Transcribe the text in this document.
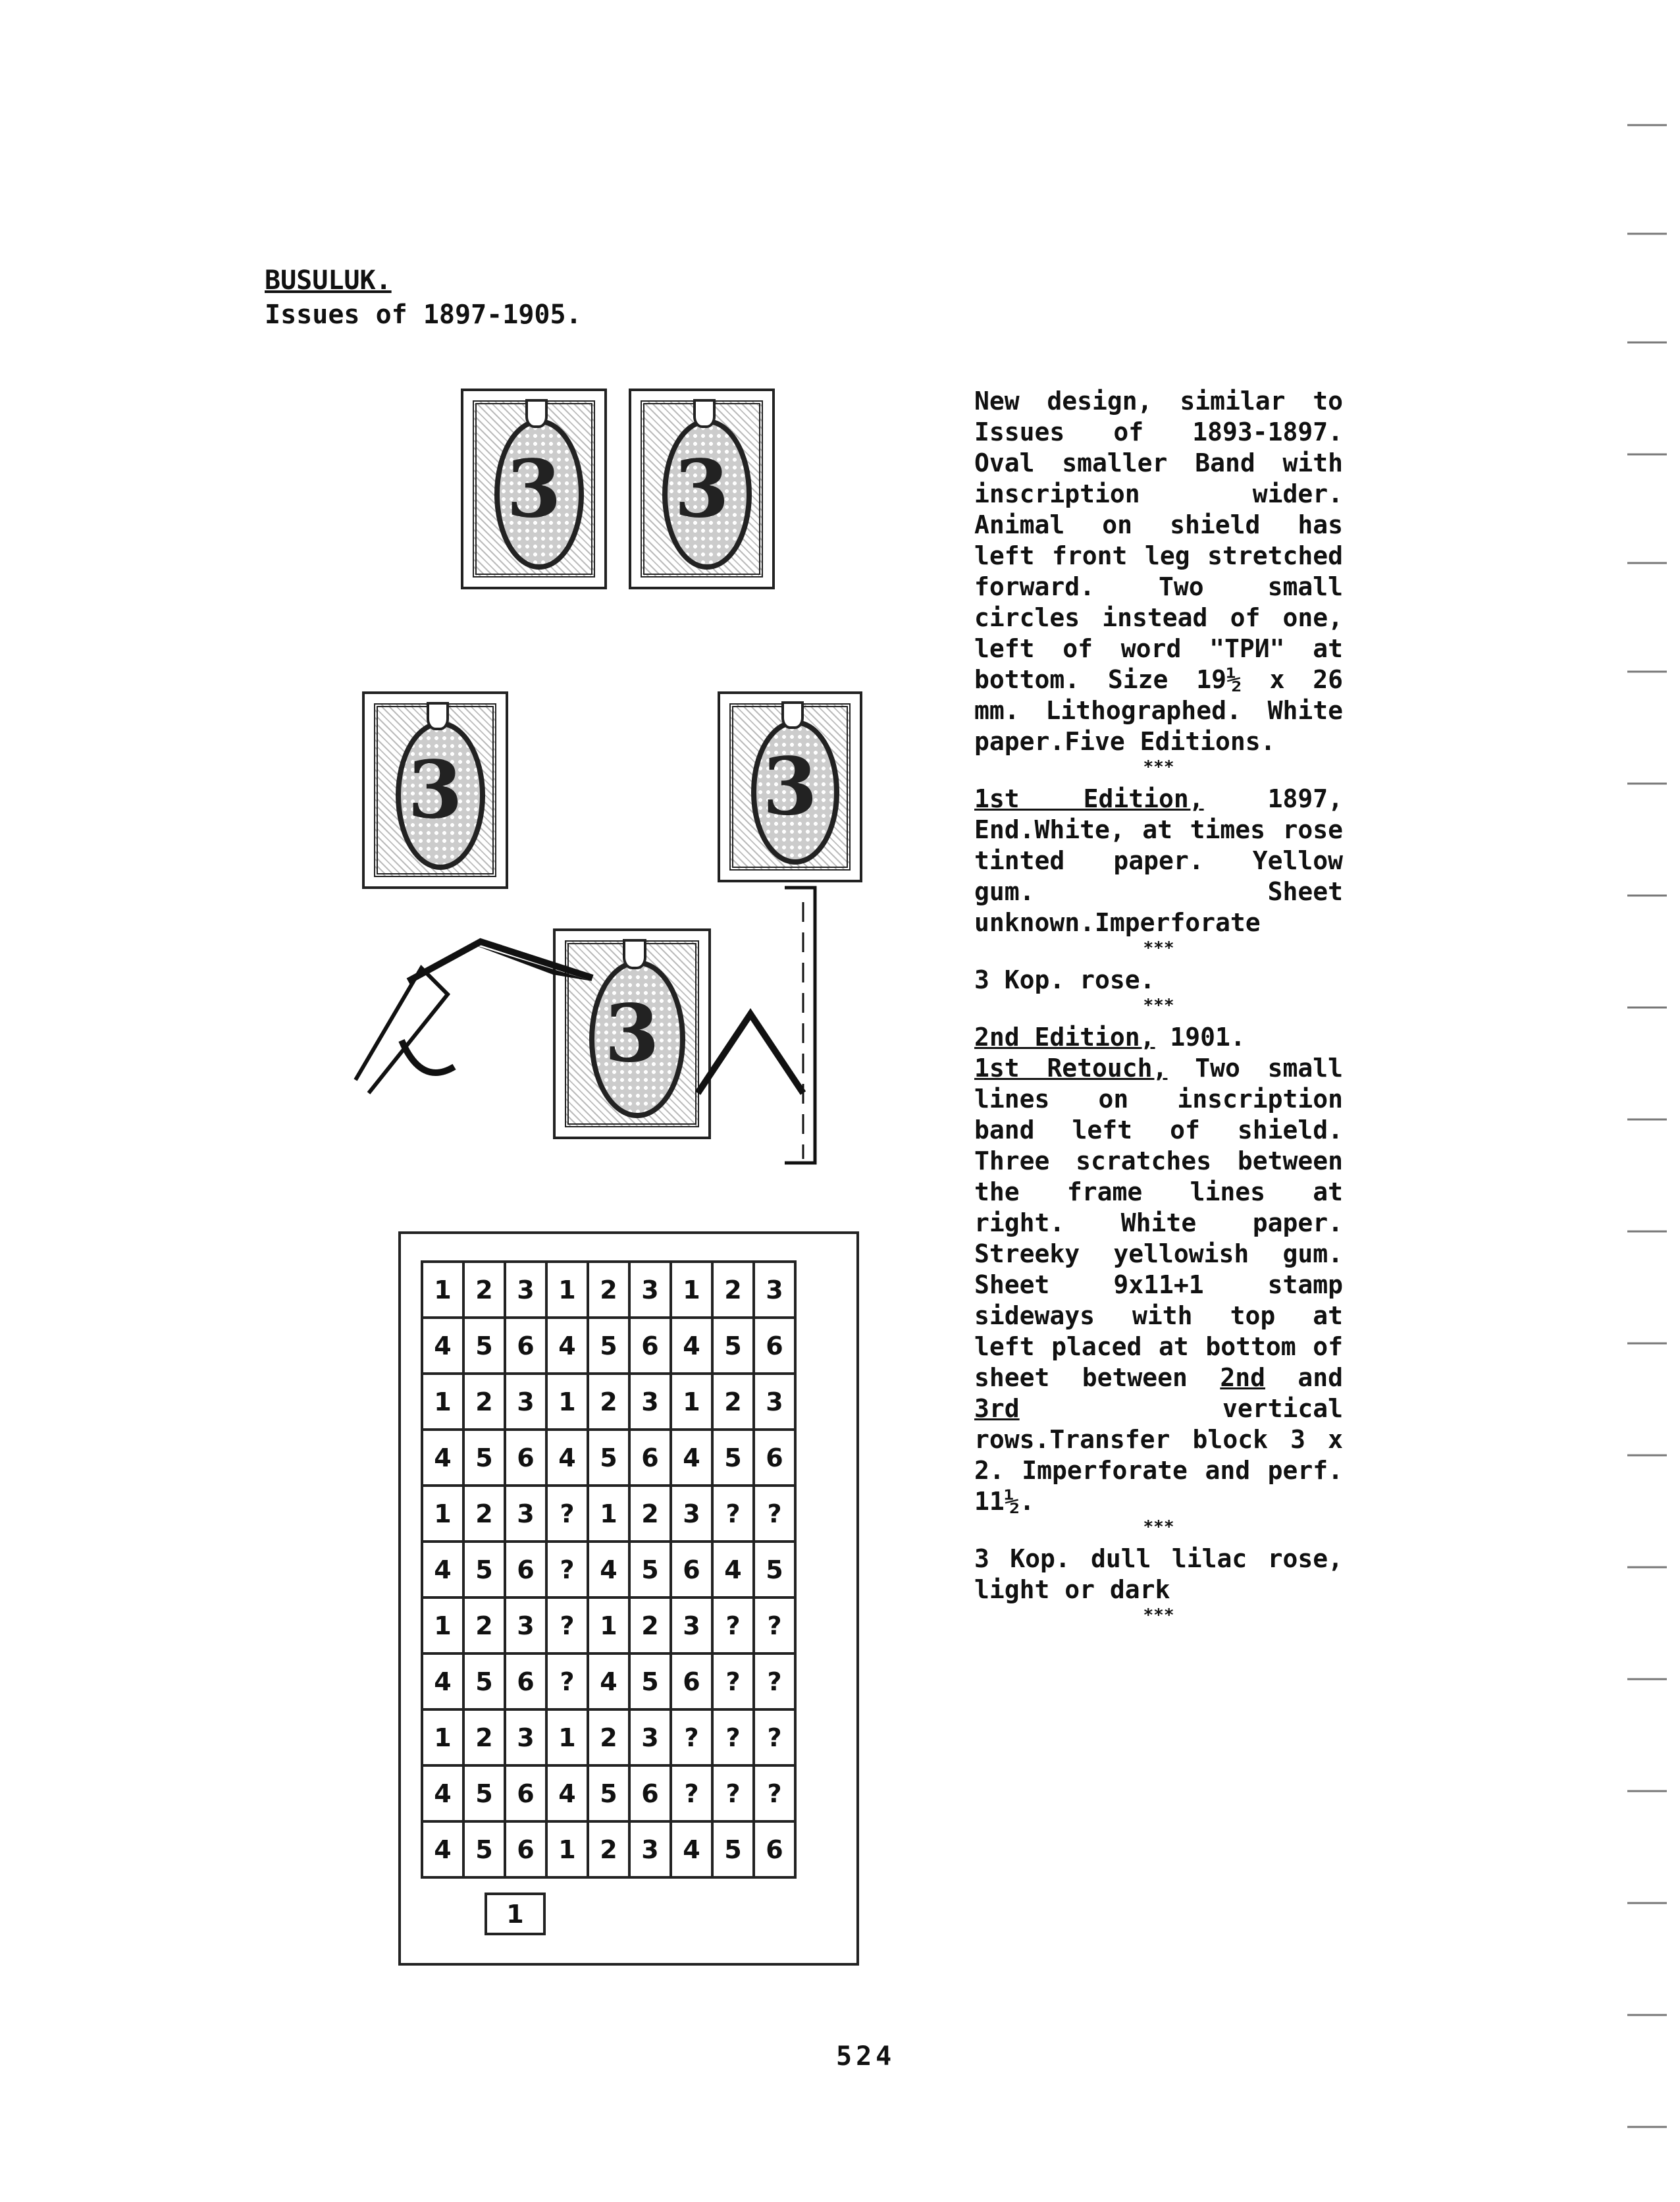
BUSULUK.
Issues of 1897-1905.
3	3
3	3
3

New design, similar to Issues of 1893-1897. Oval smaller Band with inscription wider. Animal on shield has left front leg stretched forward. Two small circles instead of one, left of word "ТРИ" at bottom. Size 19½ x 26 mm. Lithographed. White paper.Five Editions.

***

1st Edition, 1897, End.White, at times rose tinted paper. Yellow gum. Sheet unknown.Imperforate

***

3 Kop. rose.

***

2nd Edition, 1901.
1st Retouch, Two small lines on inscription band left of shield. Three scratches between the frame lines at right. White paper. Streeky yellowish gum. Sheet 9x11+1 stamp sideways with top at left placed at bottom of sheet between 2nd and 3rd vertical rows.Transfer block 3 x 2. Imperforate and perf. 11½.

***

3 Kop. dull lilac rose, light or dark

***
1	2	3	1	2	3	1	2	3
4	5	6	4	5	6	4	5	6
1	2	3	1	2	3	1	2	3
4	5	6	4	5	6	4	5	6
1	2	3	?	1	2	3	?	?
4	5	6	?	4	5	6	4	5
1	2	3	?	1	2	3	?	?
4	5	6	?	4	5	6	?	?
1	2	3	1	2	3	?	?	?
4	5	6	4	5	6	?	?	?
4	5	6	1	2	3	4	5	6
1
524
